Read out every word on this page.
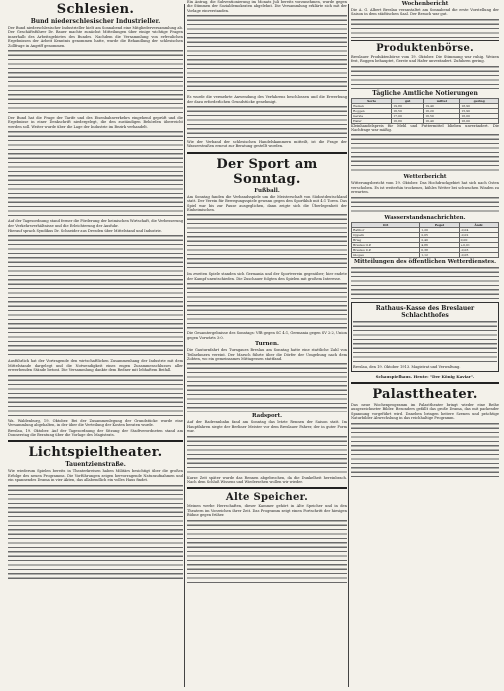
Schlesien.
Bund niederschlesischer Industrieller.

Der Bund niederschlesischer Industrieller hielt am Sonnabend eine Mitgliederversammlung ab. Der Geschäftsführer Dr. Bauer machte zunächst Mitteilungen über einige wichtige Fragen innerhalb des Arbeitsgebietes des Bundes. Nachdem die Versammlung von erfreulichen Ergebnissen der Arbeit Kenntnis genommen hatte, wurde die Behandlung der schlesischen Zollfrage in Angriff genommen.

Der Bund hat die Frage der Tarife und des Eisenbahnverkehrs eingehend geprüft und die Ergebnisse in einer Denkschrift niedergelegt, die den zuständigen Behörden überreicht werden soll. Weiter wurde über die Lage der Industrie im Bezirk verhandelt.

Auf der Tagesordnung stand ferner die Förderung der heimischen Wirtschaft, die Verbesserung der Verkehrsverhältnisse und die Erleichterung der Ausfuhr.

Hierauf sprach Syndikus Dr. Schneider aus Dresden über Mittelstand und Industrie.

Ausführlich hat der Vortragende den wirtschaftlichen Zusammenhang der Industrie mit dem Mittelstande dargelegt und die Notwendigkeit eines engen Zusammenschlusses aller erwerbenden Stände betont. Die Versammlung dankte dem Redner mit lebhaftem Beifall.

Wa. Waldenburg, 19. Oktober. Bei der Zusammenlegung der Grundstücke wurde eine Versammlung abgehalten, in der über die Verteilung der Kosten beraten wurde.

Breslau, 19. Oktober. Auf der Tagesordnung der Sitzung der Stadtverordneten stand am Donnerstag die Beratung über die Vorlage des Magistrats.

Lichtspieltheater.
Tauentzienstraße.

Wie wiederum Spielen bereits in Theaterkreisen haben Militärs besichtigt über die großen Erfolge des neuen Programms. Die Vorführungen zeigen hervorragende Naturaufnahmen und ein spannendes Drama in vier Akten, das allabendlich ein volles Haus findet.

Ein Antrag, die Subventionierung im Monats Juli bereits vorzunehmen, wurde gegen die Stimmen der Sozialdemokraten abgelehnt. Die Versammlung erklärte sich mit der Vorlage einverstanden.

Es wurde die vermehrte Anwendung des Verfahrens beschlossen und die Erwerbung der dazu erforderlichen Grundstücke genehmigt.

Wie der Verband der schlesischen Handelskammern mitteilt, ist die Frage der Wasserstraßen erneut zur Beratung gestellt worden.

Der Sport am Sonntag.
Fußball.

Am Sonntag fanden die Verbandsspiele um die Meisterschaft von Südostdeutschland statt. Der Verein für Bewegungsspiele gewann gegen den Sportklub mit 4:1 Toren. Das Spiel war bis zur Pause ausgeglichen, dann zeigte sich die Überlegenheit der Einheimischen.

Im zweiten Spiele standen sich Germania und der Sportverein gegenüber; hier endete der Kampf unentschieden. Die Zuschauer folgten den Spielen mit großem Interesse.

Die Gesamtergebnisse des Sonntags: VfB gegen SC 4:1, Germania gegen SV 2:2, Union gegen Vorwärts 3:0.

Turnen.

Die Gauturnfahrt des Turngaues Breslau am Sonntag hatte eine stattliche Zahl von Teilnehmern vereint. Der Marsch führte über die Dörfer der Umgebung nach dem Zobten, wo ein gemeinsames Mittagessen stattfand.

Radsport.

Auf der Radrennbahn fand am Sonntag das letzte Rennen der Saison statt. Im Hauptfahren siegte der Berliner Meister vor dem Breslauer Fahrer, der in guter Form war.

Kurze Zeit später wurde das Rennen abgebrochen, da die Dunkelheit hereinbrach. Nach dem Schluß Wissens und Wiedersehen wollen wir wieder.

Alte Speicher.

Meinen werbe Herrschaften, dieser Kammer gehört in Alte Speicher und in den Theatern im Vorzeichen ihrer Zeit. Das Programm zeigt einen Fortschritt der hiesigen Bühne gegen früher.

Wochenbericht

Die A. G. Albert Breslau veranstaltet am Sonnabend die erste Vorstellung der Saison in dem städtischen Saal. Der Besuch war gut.

Produktenbörse.

Breslauer Produktenbörse vom 19. Oktober. Die Stimmung war ruhig. Weizen fest, Roggen behauptet, Gerste und Hafer unverändert. Zufuhren gering.

Tägliche Amtliche Notierungen
Sorte	gut	mittel	gering
Weizen	19,80	19,40	18,90
Roggen	16,50	16,20	15,90
Gerste	17,00	16,50	16,00
Hafer	16,80	16,40	16,00

Kleinhandelspreis für Mehl und Futtermittel blieben unverändert. Die Nachfrage war mäßig.

Wetterbericht

Witterungsbericht vom 19. Oktober. Das Hochdruckgebiet hat sich nach Osten verschoben. Es ist weiterhin trockenes, kühles Wetter bei schwachen Winden zu erwarten.

Wasserstandsnachrichten.
Ort	Pegel	Ändr.
Ratibor	1,20	-0,04
Oppeln	2,05	-0,02
Brieg	2,40	0,00
Breslau O.P.	4,86	+0,01
Breslau U.P.	0,38	-0,03
Glogau	1,12	-0,05
Mitteilungen des öffentlichen Wetterdienstes.
Rathaus-Kasse des Breslauer Schlachthofes

Breslau, den 19. Oktober 1913. Magistrat und Verwaltung.

Schauspielhaus. Heute: "Der König Kaviar".
Palasttheater.

Das neue Wochenprogramm im Palasttheater bringt wieder eine Reihe ausgezeichneter Bilder. Besonders gefällt das große Drama, das mit packender Spannung vorgeführt wird. Daneben bringen heitere Szenen und prächtige Naturbilder Abwechslung in das reichhaltige Programm.
